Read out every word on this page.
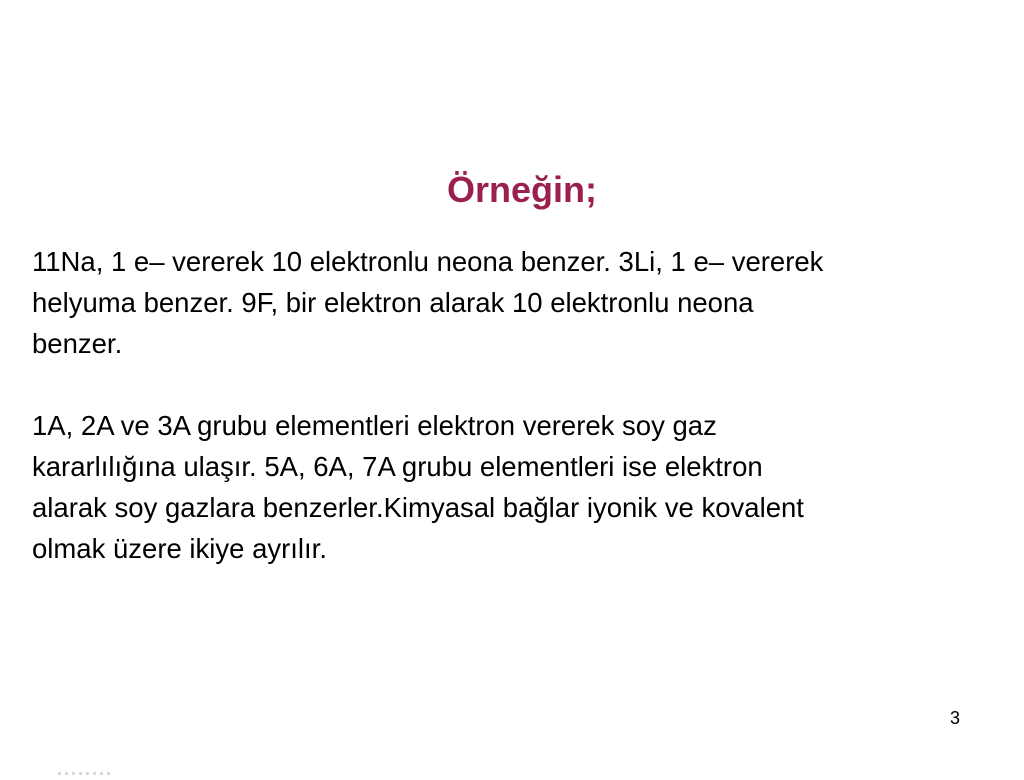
Örneğin;

11Na, 1 e– vererek 10 elektronlu neona benzer. 3Li, 1 e– vererek
helyuma benzer. 9F, bir elektron alarak 10 elektronlu neona
benzer.

1A, 2A ve 3A grubu elementleri elektron vererek soy gaz
kararlılığına ulaşır. 5A, 6A, 7A grubu elementleri ise elektron
alarak soy gazlara benzerler.Kimyasal bağlar iyonik ve kovalent
olmak üzere ikiye ayrılır.

3
